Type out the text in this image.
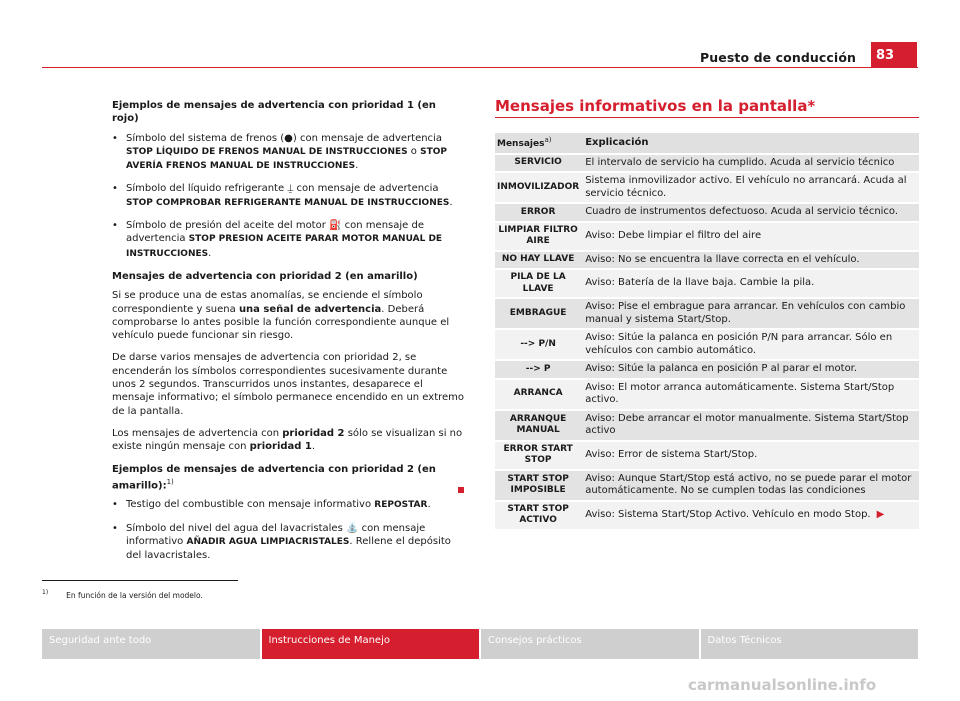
Puesto de conducción	83

Ejemplos de mensajes de advertencia con prioridad 1 (en rojo)

• Símbolo del sistema de frenos (●) con mensaje de advertencia STOP LÍQUIDO DE FRENOS MANUAL DE INSTRUCCIONES o STOP AVERÍA FRENOS MANUAL DE INSTRUCCIONES.
• Símbolo del líquido refrigerante ⍊ con mensaje de advertencia STOP COMPROBAR REFRIGERANTE MANUAL DE INSTRUCCIONES.
• Símbolo de presión del aceite del motor ⛽ con mensaje de advertencia STOP PRESION ACEITE PARAR MOTOR MANUAL DE INSTRUCCIONES.

Mensajes de advertencia con prioridad 2 (en amarillo)

Si se produce una de estas anomalías, se enciende el símbolo correspondiente y suena una señal de advertencia. Deberá comprobarse lo antes posible la función correspondiente aunque el vehículo puede funcionar sin riesgo.

De darse varios mensajes de advertencia con prioridad 2, se encenderán los símbolos correspondientes sucesivamente durante unos 2 segundos. Transcurridos unos instantes, desaparece el mensaje informativo; el símbolo permanece encendido en un extremo de la pantalla.

Los mensajes de advertencia con prioridad 2 sólo se visualizan si no existe ningún mensaje con prioridad 1.

Ejemplos de mensajes de advertencia con prioridad 2 (en amarillo):$^{1)}$

• Testigo del combustible con mensaje informativo REPOSTAR.
• Símbolo del nivel del agua del lavacristales ⛲ con mensaje informativo AÑADIR AGUA LIMPIACRISTALES. Rellene el depósito del lavacristales.
Mensajes informativos en la pantalla*
Mensajes$^{a)}$	Explicación
SERVICIO	El intervalo de servicio ha cumplido. Acuda al servicio técnico
INMOVILIZADOR	Sistema inmovilizador activo. El vehículo no arrancará. Acuda al servicio técnico.
ERROR	Cuadro de instrumentos defectuoso. Acuda al servicio técnico.
LIMPIAR FILTRO AIRE	Aviso: Debe limpiar el filtro del aire
NO HAY LLAVE	Aviso: No se encuentra la llave correcta en el vehículo.
PILA DE LA LLAVE	Aviso: Batería de la llave baja. Cambie la pila.
EMBRAGUE	Aviso: Pise el embrague para arrancar. En vehículos con cambio manual y sistema Start/Stop.
--> P/N	Aviso: Sitúe la palanca en posición P/N para arrancar. Sólo en vehículos con cambio automático.
--> P	Aviso: Sitúe la palanca en posición P al parar el motor.
ARRANCA	Aviso: El motor arranca automáticamente. Sistema Start/Stop activo.
ARRANQUE MANUAL	Aviso: Debe arrancar el motor manualmente. Sistema Start/Stop activo
ERROR START STOP	Aviso: Error de sistema Start/Stop.
START STOP IMPOSIBLE	Aviso: Aunque Start/Stop está activo, no se puede parar el motor automáticamente. No se cumplen todas las condiciones
START STOP ACTIVO	Aviso: Sistema Start/Stop Activo. Vehículo en modo Stop. ▶
$^{1)}$ En función de la versión del modelo.
Seguridad ante todo	Instrucciones de Manejo	Consejos prácticos	Datos Técnicos
carmanualsonline.info
